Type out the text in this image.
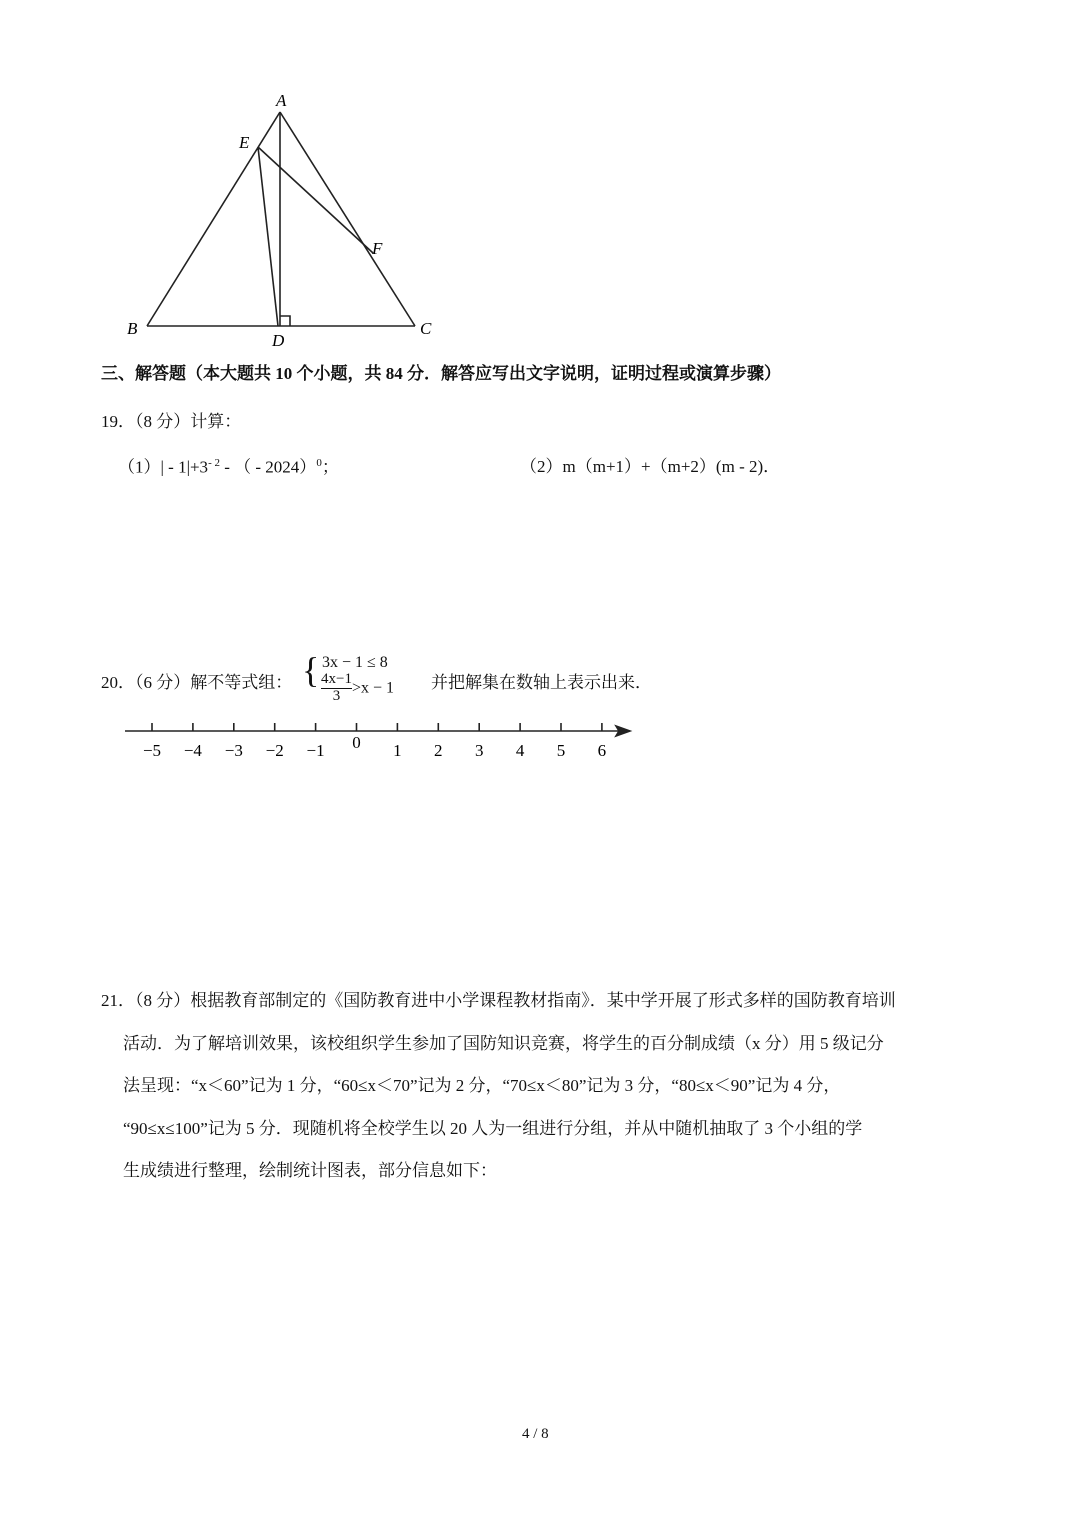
A
E
F
B
D
C
−5 −4 −3 −2 −1 0 1 2 3 4 5 6
三、解答题（本大题共 10 个小题，共 84 分．解答应写出文字说明，证明过程或演算步骤）
19．（8 分）计算：
$(1)| - 1|+3^{- 2}$ - （ - 2024）$^0$；	（2）m（m+1）+（m+2）(m - 2)．
20．（6 分）解不等式组： { 3x − 1 ≤ 8
$\frac{4x-1}{3} >x - 1$ 并把解集在数轴上表示出来．
21．（8 分）根据教育部制定的《国防教育进中小学课程教材指南》．某中学开展了形式多样的国防教育培训
活动．为了解培训效果，该校组织学生参加了国防知识竞赛，将学生的百分制成绩（x 分）用 5 级记分
法呈现：“x＜60”记为 1 分，“60≤x＜70”记为 2 分，“70≤x＜80”记为 3 分，“80≤x＜90”记为 4 分，
“90≤x≤100”记为 5 分．现随机将全校学生以 20 人为一组进行分组，并从中随机抽取了 3 个小组的学
生成绩进行整理，绘制统计图表，部分信息如下：
4 / 8
